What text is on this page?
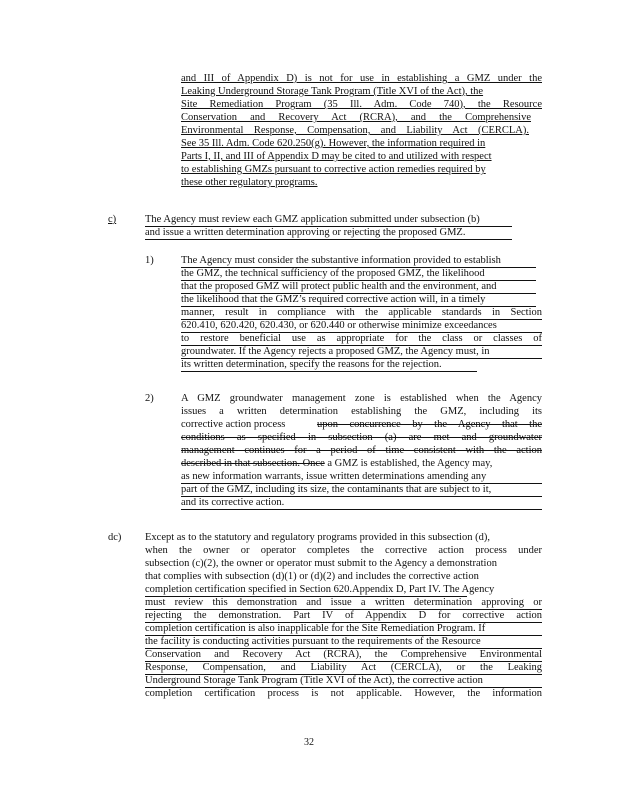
and III of Appendix D) is not for use in establishing a GMZ under the
Leaking Underground Storage Tank Program (Title XVI of the Act), the
Site Remediation Program (35 Ill. Adm. Code 740), the Resource
Conservation and Recovery Act (RCRA), and the Comprehensive
Environmental Response, Compensation, and Liability Act (CERCLA).
See 35 Ill. Adm. Code 620.250(g). However, the information required in
Parts I, II, and III of Appendix D may be cited to and utilized with respect
to establishing GMZs pursuant to corrective action remedies required by
these other regulatory programs.
c)	The Agency must review each GMZ application submitted under subsection (b)
and issue a written determination approving or rejecting the proposed GMZ.
1)	The Agency must consider the substantive information provided to establish
the GMZ, the technical sufficiency of the proposed GMZ, the likelihood
that the proposed GMZ will protect public health and the environment, and
the likelihood that the GMZ’s required corrective action will, in a timely
manner, result in compliance with the applicable standards in Section
620.410, 620.420, 620.430, or 620.440 or otherwise minimize exceedances
to restore beneficial use as appropriate for the class or classes of
groundwater. If the Agency rejects a proposed GMZ, the Agency must, in
its written determination, specify the reasons for the rejection.
2)	A GMZ groundwater management zone is established when the Agency
issues a written determination establishing the GMZ, including its
corrective action process	upon concurrence by the Agency that the
conditions as specified in subsection (a) are met and groundwater
management continues for a period of time consistent with the action
described in that subsection. Once a GMZ is established, the Agency may,
as new information warrants, issue written determinations amending any
part of the GMZ, including its size, the contaminants that are subject to it,
and its corrective action.
dc) Except as to the statutory and regulatory programs provided in this subsection (d),
when the owner or operator completes the corrective action process under
subsection (c)(2), the owner or operator must submit to the Agency a demonstration
that complies with subsection (d)(1) or (d)(2) and includes the corrective action
completion certification specified in Section 620.Appendix D, Part IV. The Agency
must review this demonstration and issue a written determination approving or
rejecting the demonstration. Part IV of Appendix D for corrective action
completion certification is also inapplicable for the Site Remediation Program. If
the facility is conducting activities pursuant to the requirements of the Resource
Conservation and Recovery Act (RCRA), the Comprehensive Environmental
Response, Compensation, and Liability Act (CERCLA), or the Leaking
Underground Storage Tank Program (Title XVI of the Act), the corrective action
completion certification process is not applicable. However, the information
32
